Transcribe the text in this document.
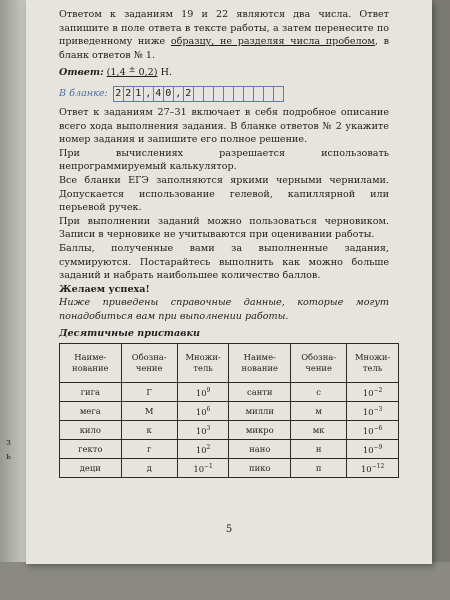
з
ь

Ответом к заданиям 19 и 22 являются два числа. Ответ запишите в поле ответа в тексте работы, а затем перенесите по приведенному ниже образцу, не разделяя числа пробелом, в бланк ответов № 1.

Ответ: (1,4 ± 0,2) Н.
В бланке: 2 2 1 , 4 0 , 2

Ответ к заданиям 27–31 включает в себя подробное описание всего хода выполнения задания. В бланке ответов № 2 укажите номер задания и запишите его полное решение.

При вычислениях разрешается использовать непрограммируемый калькулятор.

Все бланки ЕГЭ заполняются яркими черными чернилами. Допускается использование гелевой, капиллярной или перьевой ручек.

При выполнении заданий можно пользоваться черновиком. Записи в черновике не учитываются при оценивании работы.

Баллы, полученные вами за выполненные задания, суммируются. Постарайтесь выполнить как можно больше заданий и набрать наибольшее количество баллов.

Желаем успеха!

Ниже приведены справочные данные, которые могут понадобиться вам при выполнении работы.

Десятичные приставки
Наиме-нование	Обозна-чение	Множи-тель	Наиме-нование	Обозна-чение	Множи-тель
гига	Г	$10^9$	санти	с	$10^{-2}$
мега	М	$10^6$	милли	м	$10^{-3}$
кило	к	$10^3$	микро	мк	$10^{-6}$
гекто	г	$10^2$	нано	н	$10^{-9}$
деци	д	$10^{-1}$	пико	п	$10^{-12}$
5
